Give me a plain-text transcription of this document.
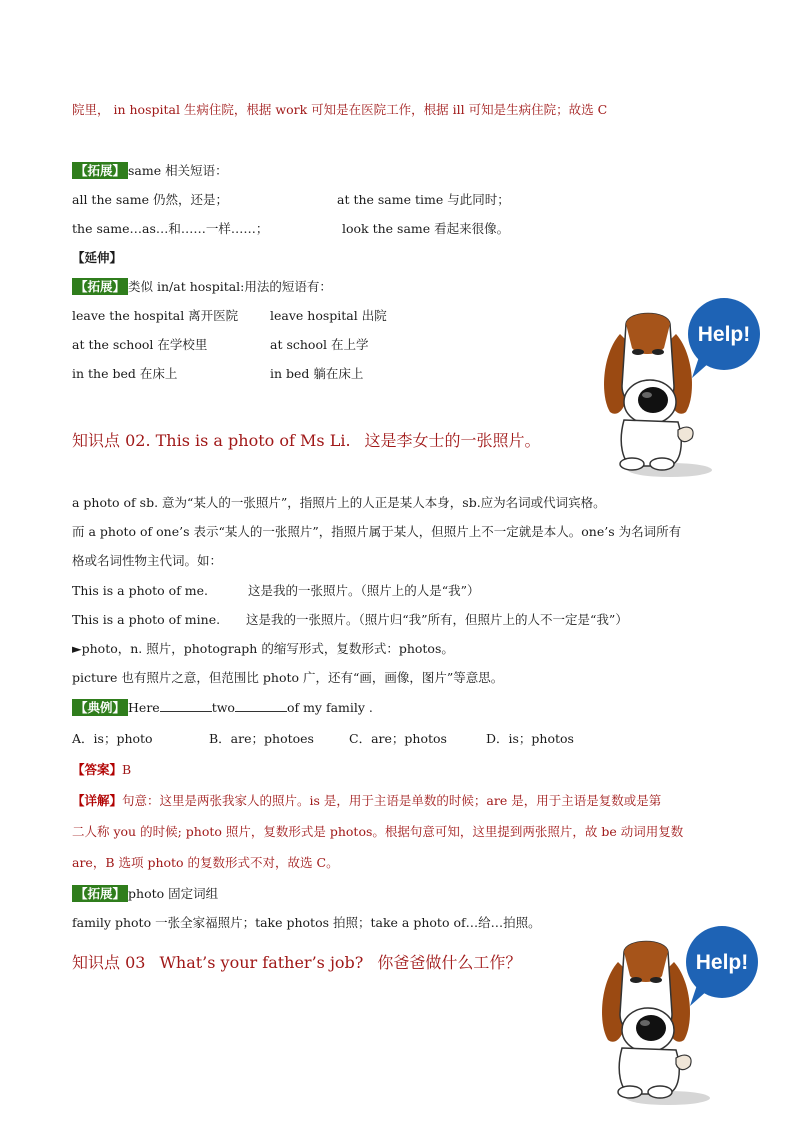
院里， in hospital 生病住院，根据 work 可知是在医院工作，根据 ill 可知是生病住院；故选 C
【拓展】 same 相关短语：
all the same 仍然，还是；	at the same time 与此同时；
the same…as…和……一样……；	look the same 看起来很像。
【延伸】
【拓展】 类似 in/at hospital:用法的短语有：
leave the hospital 离开医院	leave hospital 出院
at the school 在学校里	at school 在上学
in the bed 在床上	in bed 躺在床上
知识点 02. This is a photo of Ms Li. 这是李女士的一张照片。
a photo of sb. 意为“某人的一张照片”，指照片上的人正是某人本身，sb.应为名词或代词宾格。
而 a photo of one’s 表示“某人的一张照片”，指照片属于某人，但照片上不一定就是本人。one’s 为名词所有
格或名词性物主代词。如：
This is a photo of me.	这是我的一张照片。（照片上的人是“我”）
This is a photo of mine. 这是我的一张照片。（照片归“我”所有，但照片上的人不一定是“我”）
►photo，n. 照片，photograph 的缩写形式，复数形式：photos。
picture 也有照片之意，但范围比 photo 广，还有“画，画像，图片”等意思。
【典例】 Here	two	of my family .
A．is；photo	B．are；photoes	C．are；photos	D．is；photos
【答案】B
【详解】句意：这里是两张我家人的照片。is 是，用于主语是单数的时候；are 是，用于主语是复数或是第
二人称 you 的时候; photo 照片，复数形式是 photos。根据句意可知，这里提到两张照片，故 be 动词用复数
are，B 选项 photo 的复数形式不对，故选 C。
【拓展】 photo 固定词组
family photo 一张全家福照片；take photos 拍照；take a photo of…给…拍照。
知识点 03 What’s your father’s job? 你爸爸做什么工作？
Help!
Help!
